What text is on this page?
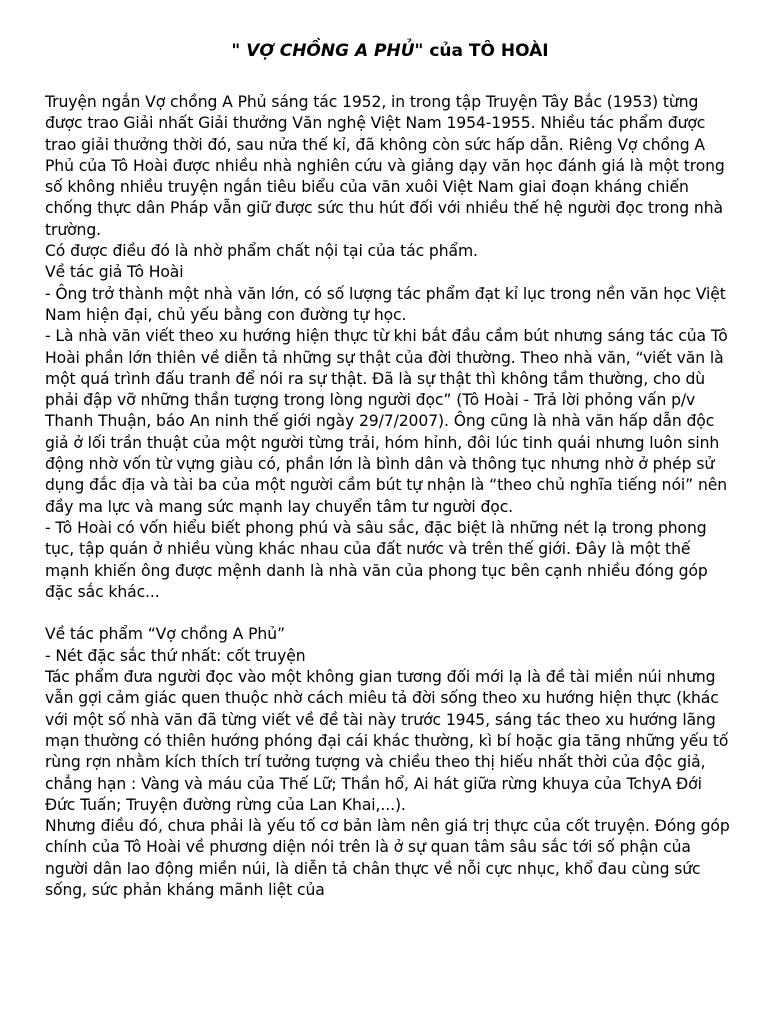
" VỢ CHỒNG A PHỦ" của TÔ HOÀI

Truyện ngắn Vợ chồng A Phủ sáng tác 1952, in trong tập Truyện Tây Bắc (1953) từng được trao Giải nhất Giải thưởng Văn nghệ Việt Nam 1954-1955. Nhiều tác phẩm được trao giải thưởng thời đó, sau nửa thế kỉ, đã không còn sức hấp dẫn. Riêng Vợ chồng A Phủ của Tô Hoài được nhiều nhà nghiên cứu và giảng dạy văn học đánh giá là một trong số không nhiều truyện ngắn tiêu biểu của văn xuôi Việt Nam giai đoạn kháng chiến chống thực dân Pháp vẫn giữ được sức thu hút đối với nhiều thế hệ người đọc trong nhà trường.

Có được điều đó là nhờ phẩm chất nội tại của tác phẩm.

Về tác giả Tô Hoài

- Ông trở thành một nhà văn lớn, có số lượng tác phẩm đạt kỉ lục trong nền văn học Việt Nam hiện đại, chủ yếu bằng con đường tự học.

- Là nhà văn viết theo xu hướng hiện thực từ khi bắt đầu cầm bút nhưng sáng tác của Tô Hoài phần lớn thiên về diễn tả những sự thật của đời thường. Theo nhà văn, “viết văn là một quá trình đấu tranh để nói ra sự thật. Đã là sự thật thì không tầm thường, cho dù phải đập vỡ những thần tượng trong lòng người đọc” (Tô Hoài - Trả lời phỏng vấn p/v Thanh Thuận, báo An ninh thế giới ngày 29/7/2007). Ông cũng là nhà văn hấp dẫn độc giả ở lối trần thuật của một người từng trải, hóm hỉnh, đôi lúc tinh quái nhưng luôn sinh động nhờ vốn từ vựng giàu có, phần lớn là bình dân và thông tục nhưng nhờ ở phép sử dụng đắc địa và tài ba của một người cầm bút tự nhận là “theo chủ nghĩa tiếng nói” nên đầy ma lực và mang sức mạnh lay chuyển tâm tư người đọc.

- Tô Hoài có vốn hiểu biết phong phú và sâu sắc, đặc biệt là những nét lạ trong phong tục, tập quán ở nhiều vùng khác nhau của đất nước và trên thế giới. Đây là một thế mạnh khiến ông được mệnh danh là nhà văn của phong tục bên cạnh nhiều đóng góp đặc sắc khác...

Về tác phẩm “Vợ chồng A Phủ”

- Nét đặc sắc thứ nhất: cốt truyện

Tác phẩm đưa người đọc vào một không gian tương đối mới lạ là đề tài miền núi nhưng vẫn gợi cảm giác quen thuộc nhờ cách miêu tả đời sống theo xu hướng hiện thực (khác với một số nhà văn đã từng viết về đề tài này trước 1945, sáng tác theo xu hướng lãng mạn thường có thiên hướng phóng đại cái khác thường, kì bí hoặc gia tăng những yếu tố rùng rợn nhằm kích thích trí tưởng tượng và chiều theo thị hiếu nhất thời của độc giả, chẳng hạn : Vàng và máu của Thế Lữ; Thần hổ, Ai hát giữa rừng khuya của TchyA Đới Đức Tuấn; Truyện đường rừng của Lan Khai,...).

Nhưng điều đó, chưa phải là yếu tố cơ bản làm nên giá trị thực của cốt truyện. Đóng góp chính của Tô Hoài về phương diện nói trên là ở sự quan tâm sâu sắc tới số phận của người dân lao động miền núi, là diễn tả chân thực về nỗi cực nhục, khổ đau cùng sức sống, sức phản kháng mãnh liệt của
